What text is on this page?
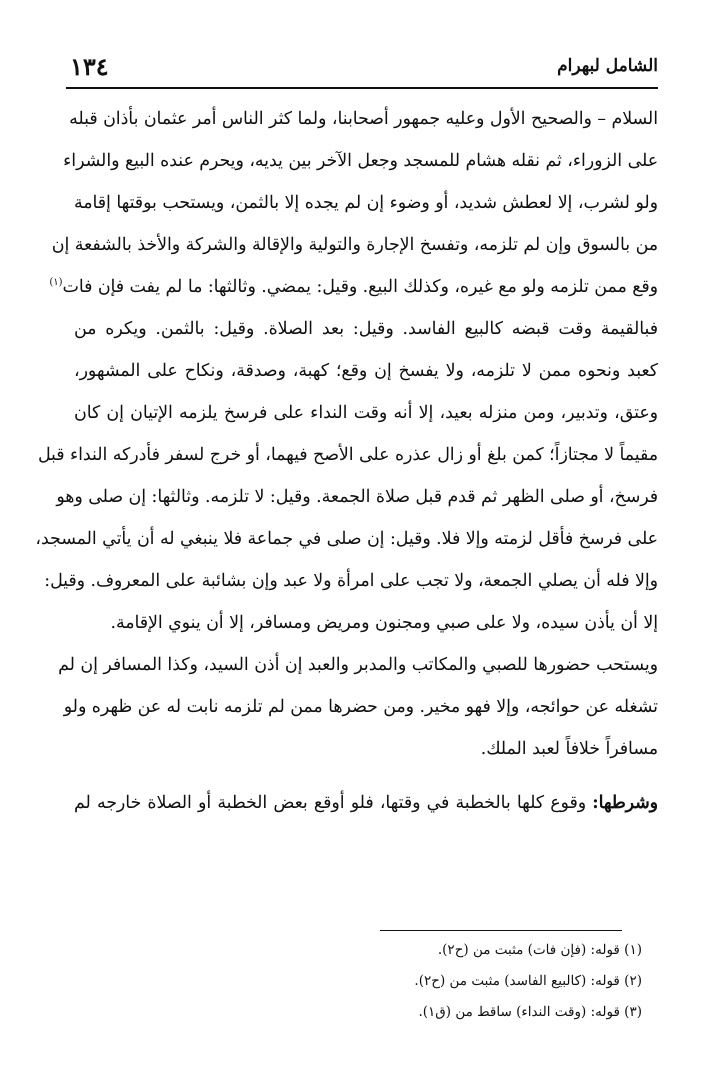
الشامل لبهرام
١٣٤
السلام – والصحيح الأول وعليه جمهور أصحابنا، ولما كثر الناس أمر عثمان بأذان قبله
على الزوراء، ثم نقله هشام للمسجد وجعل الآخر بين يديه، ويحرم عنده البيع والشراء
ولو لشرب، إلا لعطش شديد، أو وضوء إن لم يجده إلا بالثمن، ويستحب بوقتها إقامة
من بالسوق وإن لم تلزمه، وتفسخ الإجارة والتولية والإقالة والشركة والأخذ بالشفعة إن
وقع ممن تلزمه ولو مع غيره، وكذلك البيع. وقيل: يمضي. وثالثها: ما لم يفت فإن فات$^{(١)}$
فبالقيمة وقت قبضه كالبيع الفاسد. وقيل: بعد الصلاة. وقيل: بالثمن. ويكره من
كعبد ونحوه ممن لا تلزمه، ولا يفسخ إن وقع؛ كهبة، وصدقة، ونكاح على المشهور،
وعتق، وتدبير، ومن منزله بعيد، إلا أنه وقت النداء على فرسخ يلزمه الإتيان إن كان
مقيماً لا مجتازاً؛ كمن بلغ أو زال عذره على الأصح فيهما، أو خرج لسفر فأدركه النداء قبل
فرسخ، أو صلى الظهر ثم قدم قبل صلاة الجمعة. وقيل: لا تلزمه. وثالثها: إن صلى وهو
على فرسخ فأقل لزمته وإلا فلا. وقيل: إن صلى في جماعة فلا ينبغي له أن يأتي المسجد،
وإلا فله أن يصلي الجمعة، ولا تجب على امرأة ولا عبد وإن بشائبة على المعروف. وقيل:
إلا أن يأذن سيده، ولا على صبي ومجنون ومريض ومسافر، إلا أن ينوي الإقامة.
ويستحب حضورها للصبي والمكاتب والمدبر والعبد إن أذن السيد، وكذا المسافر إن لم
تشغله عن حوائجه، وإلا فهو مخير. ومن حضرها ممن لم تلزمه نابت له عن ظهره ولو
مسافراً خلافاً لعبد الملك.
وشرطها: وقوع كلها بالخطبة في وقتها، فلو أوقع بعض الخطبة أو الصلاة خارجه لم
(١) قوله: (فإن فات) مثبت من (ح٢).
(٢) قوله: (كالبيع الفاسد) مثبت من (ح٢).
(٣) قوله: (وقت النداء) ساقط من (ق١).
